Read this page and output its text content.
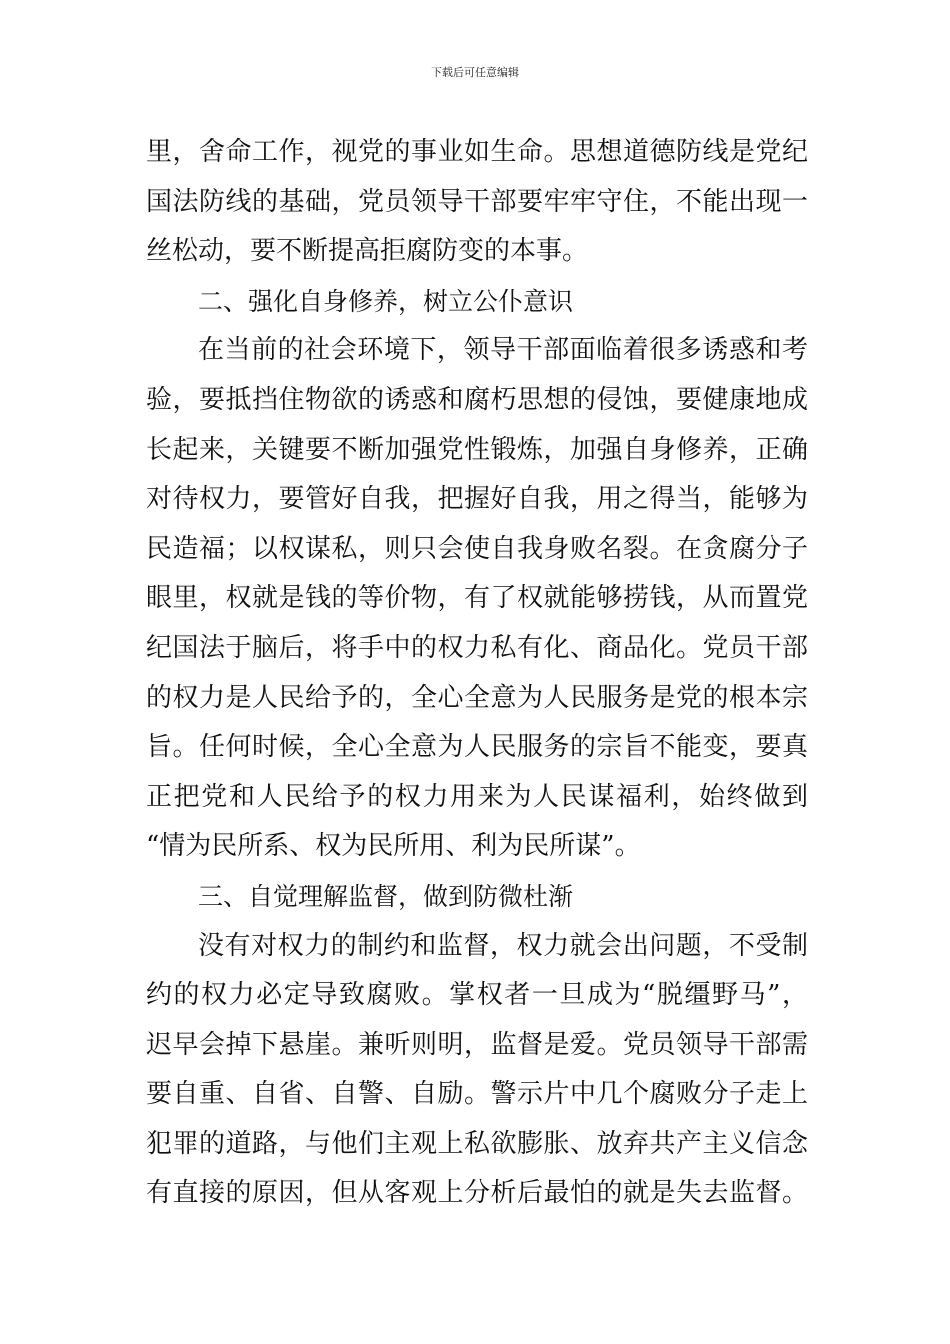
下载后可任意编辑
里，舍命工作，视党的事业如生命。思想道德防线是党纪
国法防线的基础，党员领导干部要牢牢守住，不能出现一
丝松动，要不断提高拒腐防变的本事。
二、强化自身修养，树立公仆意识
在当前的社会环境下，领导干部面临着很多诱惑和考
验，要抵挡住物欲的诱惑和腐朽思想的侵蚀，要健康地成
长起来，关键要不断加强党性锻炼，加强自身修养，正确
对待权力，要管好自我，把握好自我，用之得当，能够为
民造福；以权谋私，则只会使自我身败名裂。在贪腐分子
眼里，权就是钱的等价物，有了权就能够捞钱，从而置党
纪国法于脑后，将手中的权力私有化、商品化。党员干部
的权力是人民给予的，全心全意为人民服务是党的根本宗
旨。任何时候，全心全意为人民服务的宗旨不能变，要真
正把党和人民给予的权力用来为人民谋福利，始终做到
“情为民所系、权为民所用、利为民所谋”。
三、自觉理解监督，做到防微杜渐
没有对权力的制约和监督，权力就会出问题，不受制
约的权力必定导致腐败。掌权者一旦成为“脱缰野马”，
迟早会掉下悬崖。兼听则明，监督是爱。党员领导干部需
要自重、自省、自警、自励。警示片中几个腐败分子走上
犯罪的道路，与他们主观上私欲膨胀、放弃共产主义信念
有直接的原因，但从客观上分析后最怕的就是失去监督。
